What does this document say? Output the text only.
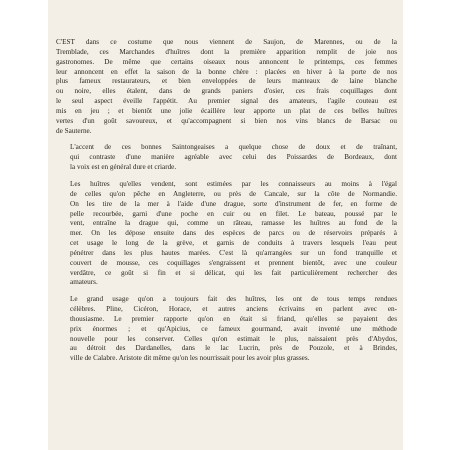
C'EST dans ce costume que nous viennent de Saujon, de Marennes, ou de la
Tremblade, ces Marchandes d'huîtres dont la première apparition remplit de joie nos
gastronomes. De même que certains oiseaux nous annoncent le printemps, ces femmes
leur annoncent en effet la saison de la bonne chère : placées en hiver à la porte de nos
plus fameux restaurateurs, et bien enveloppées de leurs manteaux de laine blanche
ou noire, elles étalent, dans de grands paniers d'osier, ces frais coquillages dont
le seul aspect éveille l'appétit. Au premier signal des amateurs, l'agile couteau est
mis en jeu ; et bientôt une jolie écaillère leur apporte un plat de ces belles huîtres
vertes d'un goût savoureux, et qu'accompagnent si bien nos vins blancs de Barsac ou
de Sauterne.
L'accent de ces bonnes Saintongeaises a quelque chose de doux et de traînant,
qui contraste d'une manière agréable avec celui des Poissardes de Bordeaux, dont
la voix est en général dure et criarde.
Les huîtres qu'elles vendent, sont estimées par les connaisseurs au moins à l'égal
de celles qu'on pêche en Angleterre, ou près de Cancale, sur la côte de Normandie.
On les tire de la mer à l'aide d'une drague, sorte d'instrument de fer, en forme de
pelle recourbée, garni d'une poche en cuir ou en filet. Le bateau, poussé par le
vent, entraîne la drague qui, comme un râteau, ramasse les huîtres au fond de la
mer. On les dépose ensuite dans des espèces de parcs ou de réservoirs préparés à
cet usage le long de la grève, et garnis de conduits à travers lesquels l'eau peut
pénétrer dans les plus hautes marées. C'est là qu'arrangées sur un fond tranquille et
couvert de mousse, ces coquillages s'engraissent et prennent bientôt, avec une couleur
verdâtre, ce goût si fin et si délicat, qui les fait particulièrement rechercher des
amateurs.
Le grand usage qu'on a toujours fait des huîtres, les ont de tous temps rendues
célèbres. Pline, Cicéron, Horace, et autres anciens écrivains en parlent avec en-
thousiasme. Le premier rapporte qu'on en était si friand, qu'elles se payaient des
prix énormes ; et qu'Apicius, ce fameux gourmand, avait inventé une méthode
nouvelle pour les conserver. Celles qu'on estimait le plus, naissaient près d'Abydos,
au détroit des Dardanelles, dans le lac Lucrin, près de Pouzole, et à Brindes,
ville de Calabre. Aristote dit même qu'on les nourrissait pour les avoir plus grasses.
